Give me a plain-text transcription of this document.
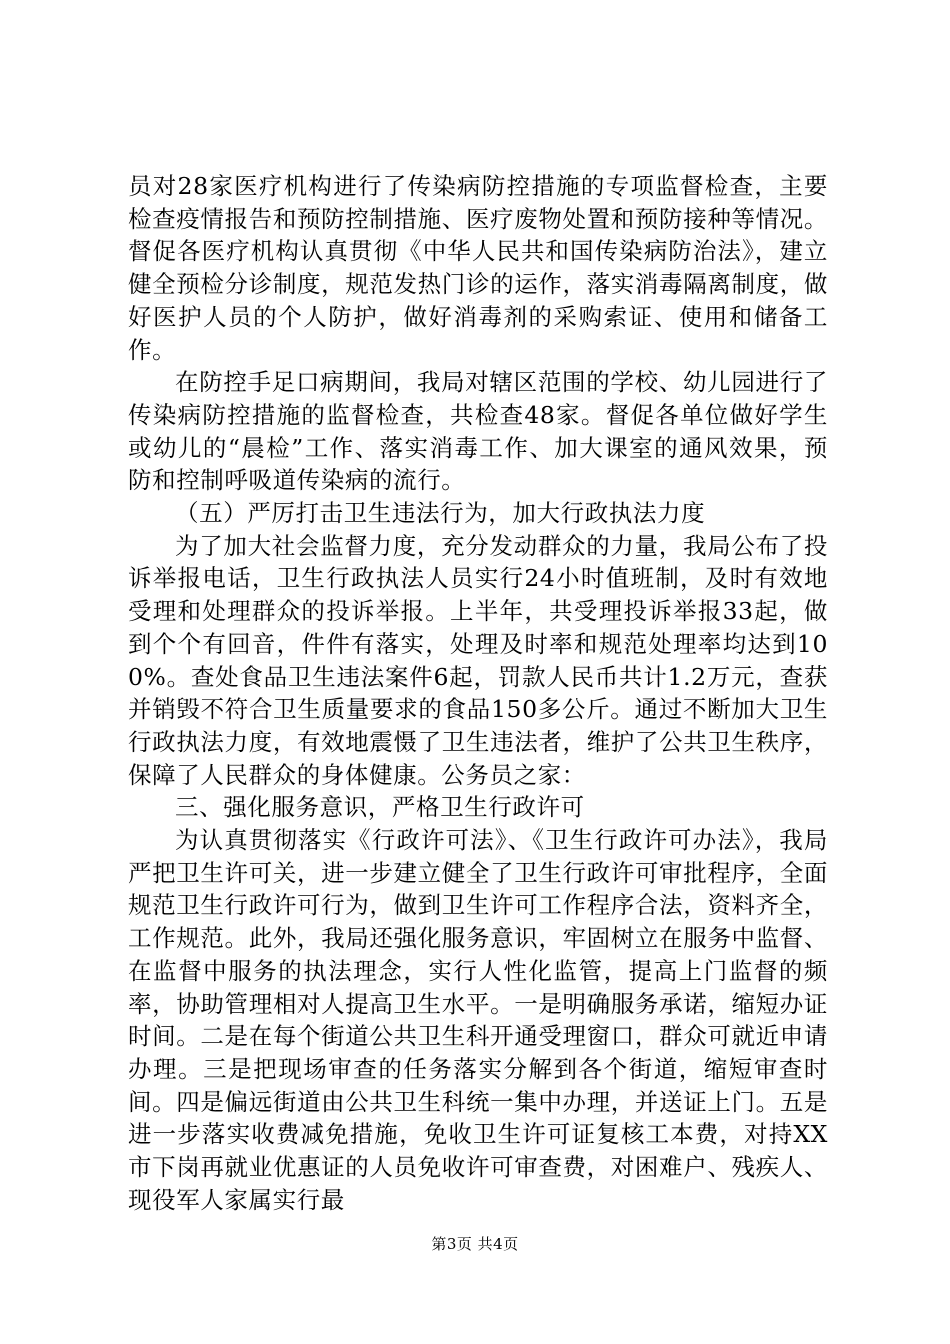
员对28家医疗机构进行了传染病防控措施的专项监督检查，主要检查疫情报告和预防控制措施、医疗废物处置和预防接种等情况。督促各医疗机构认真贯彻《中华人民共和国传染病防治法》，建立健全预检分诊制度，规范发热门诊的运作，落实消毒隔离制度，做好医护人员的个人防护，做好消毒剂的采购索证、使用和储备工作。

在防控手足口病期间，我局对辖区范围的学校、幼儿园进行了传染病防控措施的监督检查，共检查48家。督促各单位做好学生或幼儿的“晨检”工作、落实消毒工作、加大课室的通风效果，预防和控制呼吸道传染病的流行。

（五）严厉打击卫生违法行为，加大行政执法力度

为了加大社会监督力度，充分发动群众的力量，我局公布了投诉举报电话，卫生行政执法人员实行24小时值班制，及时有效地受理和处理群众的投诉举报。上半年，共受理投诉举报33起，做到个个有回音，件件有落实，处理及时率和规范处理率均达到100%。查处食品卫生违法案件6起，罚款人民币共计1.2万元，查获并销毁不符合卫生质量要求的食品150多公斤。通过不断加大卫生行政执法力度，有效地震慑了卫生违法者，维护了公共卫生秩序，保障了人民群众的身体健康。公务员之家：

三、强化服务意识，严格卫生行政许可

为认真贯彻落实《行政许可法》、《卫生行政许可办法》，我局严把卫生许可关，进一步建立健全了卫生行政许可审批程序，全面规范卫生行政许可行为，做到卫生许可工作程序合法，资料齐全，工作规范。此外，我局还强化服务意识，牢固树立在服务中监督、在监督中服务的执法理念，实行人性化监管，提高上门监督的频率，协助管理相对人提高卫生水平。一是明确服务承诺，缩短办证时间。二是在每个街道公共卫生科开通受理窗口，群众可就近申请办理。三是把现场审查的任务落实分解到各个街道，缩短审查时间。四是偏远街道由公共卫生科统一集中办理，并送证上门。五是进一步落实收费减免措施，免收卫生许可证复核工本费，对持XX市下岗再就业优惠证的人员免收许可审查费，对困难户、残疾人、现役军人家属实行最

第3页 共4页
